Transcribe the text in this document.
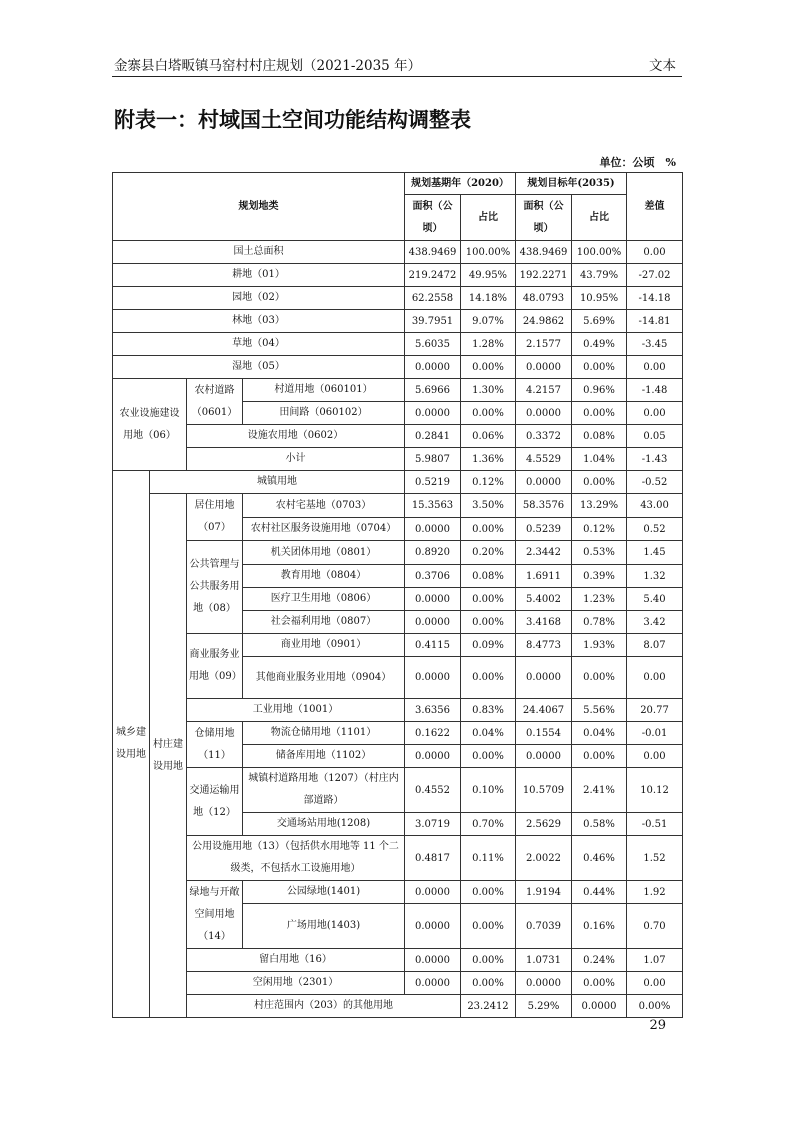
金寨县白塔畈镇马窑村村庄规划（2021-2035 年）	文本
附表一：村域国土空间功能结构调整表
单位：公顷　%
规划地类				规划基期年（2020）		规划目标年(2035)		差值	
				面积（公顷）	占比	面积（公顷）	占比		
国土总面积				438.9469	100.00%	438.9469	100.00%	0.00	
耕地（01）				219.2472	49.95%	192.2271	43.79%	-27.02	
园地（02）				62.2558	14.18%	48.0793	10.95%	-14.18	
林地（03）				39.7951	9.07%	24.9862	5.69%	-14.81	
草地（04）				5.6035	1.28%	2.1577	0.49%	-3.45	
湿地（05）				0.0000	0.00%	0.0000	0.00%	0.00	
农业设施建设用地（06）		农村道路（0601）	村道用地（060101）	5.6966	1.30%	4.2157	0.96%	-1.48	
			田间路（060102）	0.0000	0.00%	0.0000	0.00%	0.00	
		设施农用地（0602）		0.2841	0.06%	0.3372	0.08%	0.05	
		小计		5.9807	1.36%	4.5529	1.04%	-1.43	
城乡建设用地	城镇用地			0.5219	0.12%	0.0000	0.00%	-0.52	
	村庄建设用地	居住用地（07）	农村宅基地（0703）	15.3563	3.50%	58.3576	13.29%	43.00	
			农村社区服务设施用地（0704）	0.0000	0.00%	0.5239	0.12%	0.52	
		公共管理与公共服务用地（08）	机关团体用地（0801）	0.8920	0.20%	2.3442	0.53%	1.45	
			教育用地（0804）	0.3706	0.08%	1.6911	0.39%	1.32	
			医疗卫生用地（0806）	0.0000	0.00%	5.4002	1.23%	5.40	
			社会福利用地（0807）	0.0000	0.00%	3.4168	0.78%	3.42	
		商业服务业用地（09）	商业用地（0901）	0.4115	0.09%	8.4773	1.93%	8.07	
			其他商业服务业用地（0904）	0.0000	0.00%	0.0000	0.00%	0.00	
		工业用地（1001）		3.6356	0.83%	24.4067	5.56%	20.77	
		仓储用地（11）	物流仓储用地（1101）	0.1622	0.04%	0.1554	0.04%	-0.01	
			储备库用地（1102）	0.0000	0.00%	0.0000	0.00%	0.00	
		交通运输用地（12）	城镇村道路用地（1207）（村庄内部道路）	0.4552	0.10%	10.5709	2.41%	10.12	
			交通场站用地(1208)	3.0719	0.70%	2.5629	0.58%	-0.51	
		公用设施用地（13）（包括供水用地等 11 个二级类，不包括水工设施用地）		0.4817	0.11%	2.0022	0.46%	1.52	
		绿地与开敞空间用地（14）	公园绿地(1401)	0.0000	0.00%	1.9194	0.44%	1.92	
			广场用地(1403)	0.0000	0.00%	0.7039	0.16%	0.70	
		留白用地（16）		0.0000	0.00%	1.0731	0.24%	1.07	
		空闲用地（2301）		0.0000	0.00%	0.0000	0.00%	0.00	
		村庄范围内（203）的其他用地			23.2412	5.29%	0.0000	0.00%	
29
